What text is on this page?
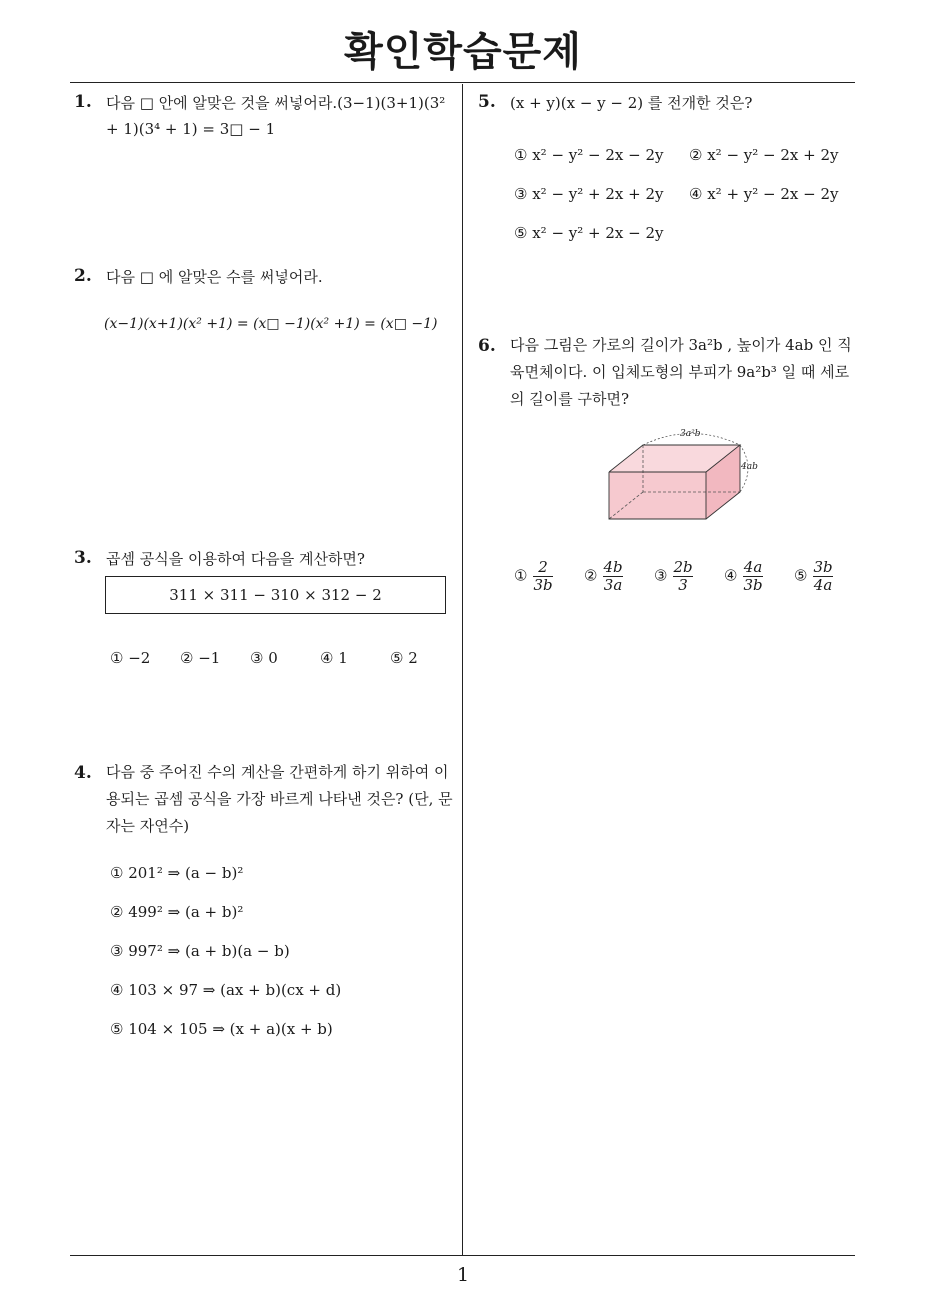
확인학습문제
1
1. 다음 □ 안에 알맞은 것을 써넣어라.(3−1)(3+1)(3² + 1)(3⁴ + 1) = 3□ − 1
2. 다음 □ 에 알맞은 수를 써넣어라.
(x−1)(x+1)(x² +1) = (x□ −1)(x² +1) = (x□ −1)
3. 곱셈 공식을 이용하여 다음을 계산하면?
311 × 311 − 310 × 312 − 2
① −2 ② −1 ③ 0	④ 1	⑤ 2
4. 다음 중 주어진 수의 계산을 간편하게 하기 위하여 이용되는 곱셈 공식을 가장 바르게 나타낸 것은? (단, 문자는 자연수)
① 201² ⇒ (a − b)²
② 499² ⇒ (a + b)²
③ 997² ⇒ (a + b)(a − b)
④ 103 × 97 ⇒ (ax + b)(cx + d)
⑤ 104 × 105 ⇒ (x + a)(x + b)
5. (x + y)(x − y − 2) 를 전개한 것은?
① x² − y² − 2x − 2y ② x² − y² − 2x + 2y
③ x² − y² + 2x + 2y ④ x² + y² − 2x − 2y
⑤ x² − y² + 2x − 2y
6. 다음 그림은 가로의 길이가 3a²b , 높이가 4ab 인 직육면체이다. 이 입체도형의 부피가 9a²b³ 일 때 세로의 길이를 구하면?
3a²b
4ab
① $\frac{2}{3b}$ ② $\frac{4b}{3a}$ ③ $\frac{2b}{3}$ ④ $\frac{4a}{3b}$ ⑤ $\frac{3b}{4a}$
